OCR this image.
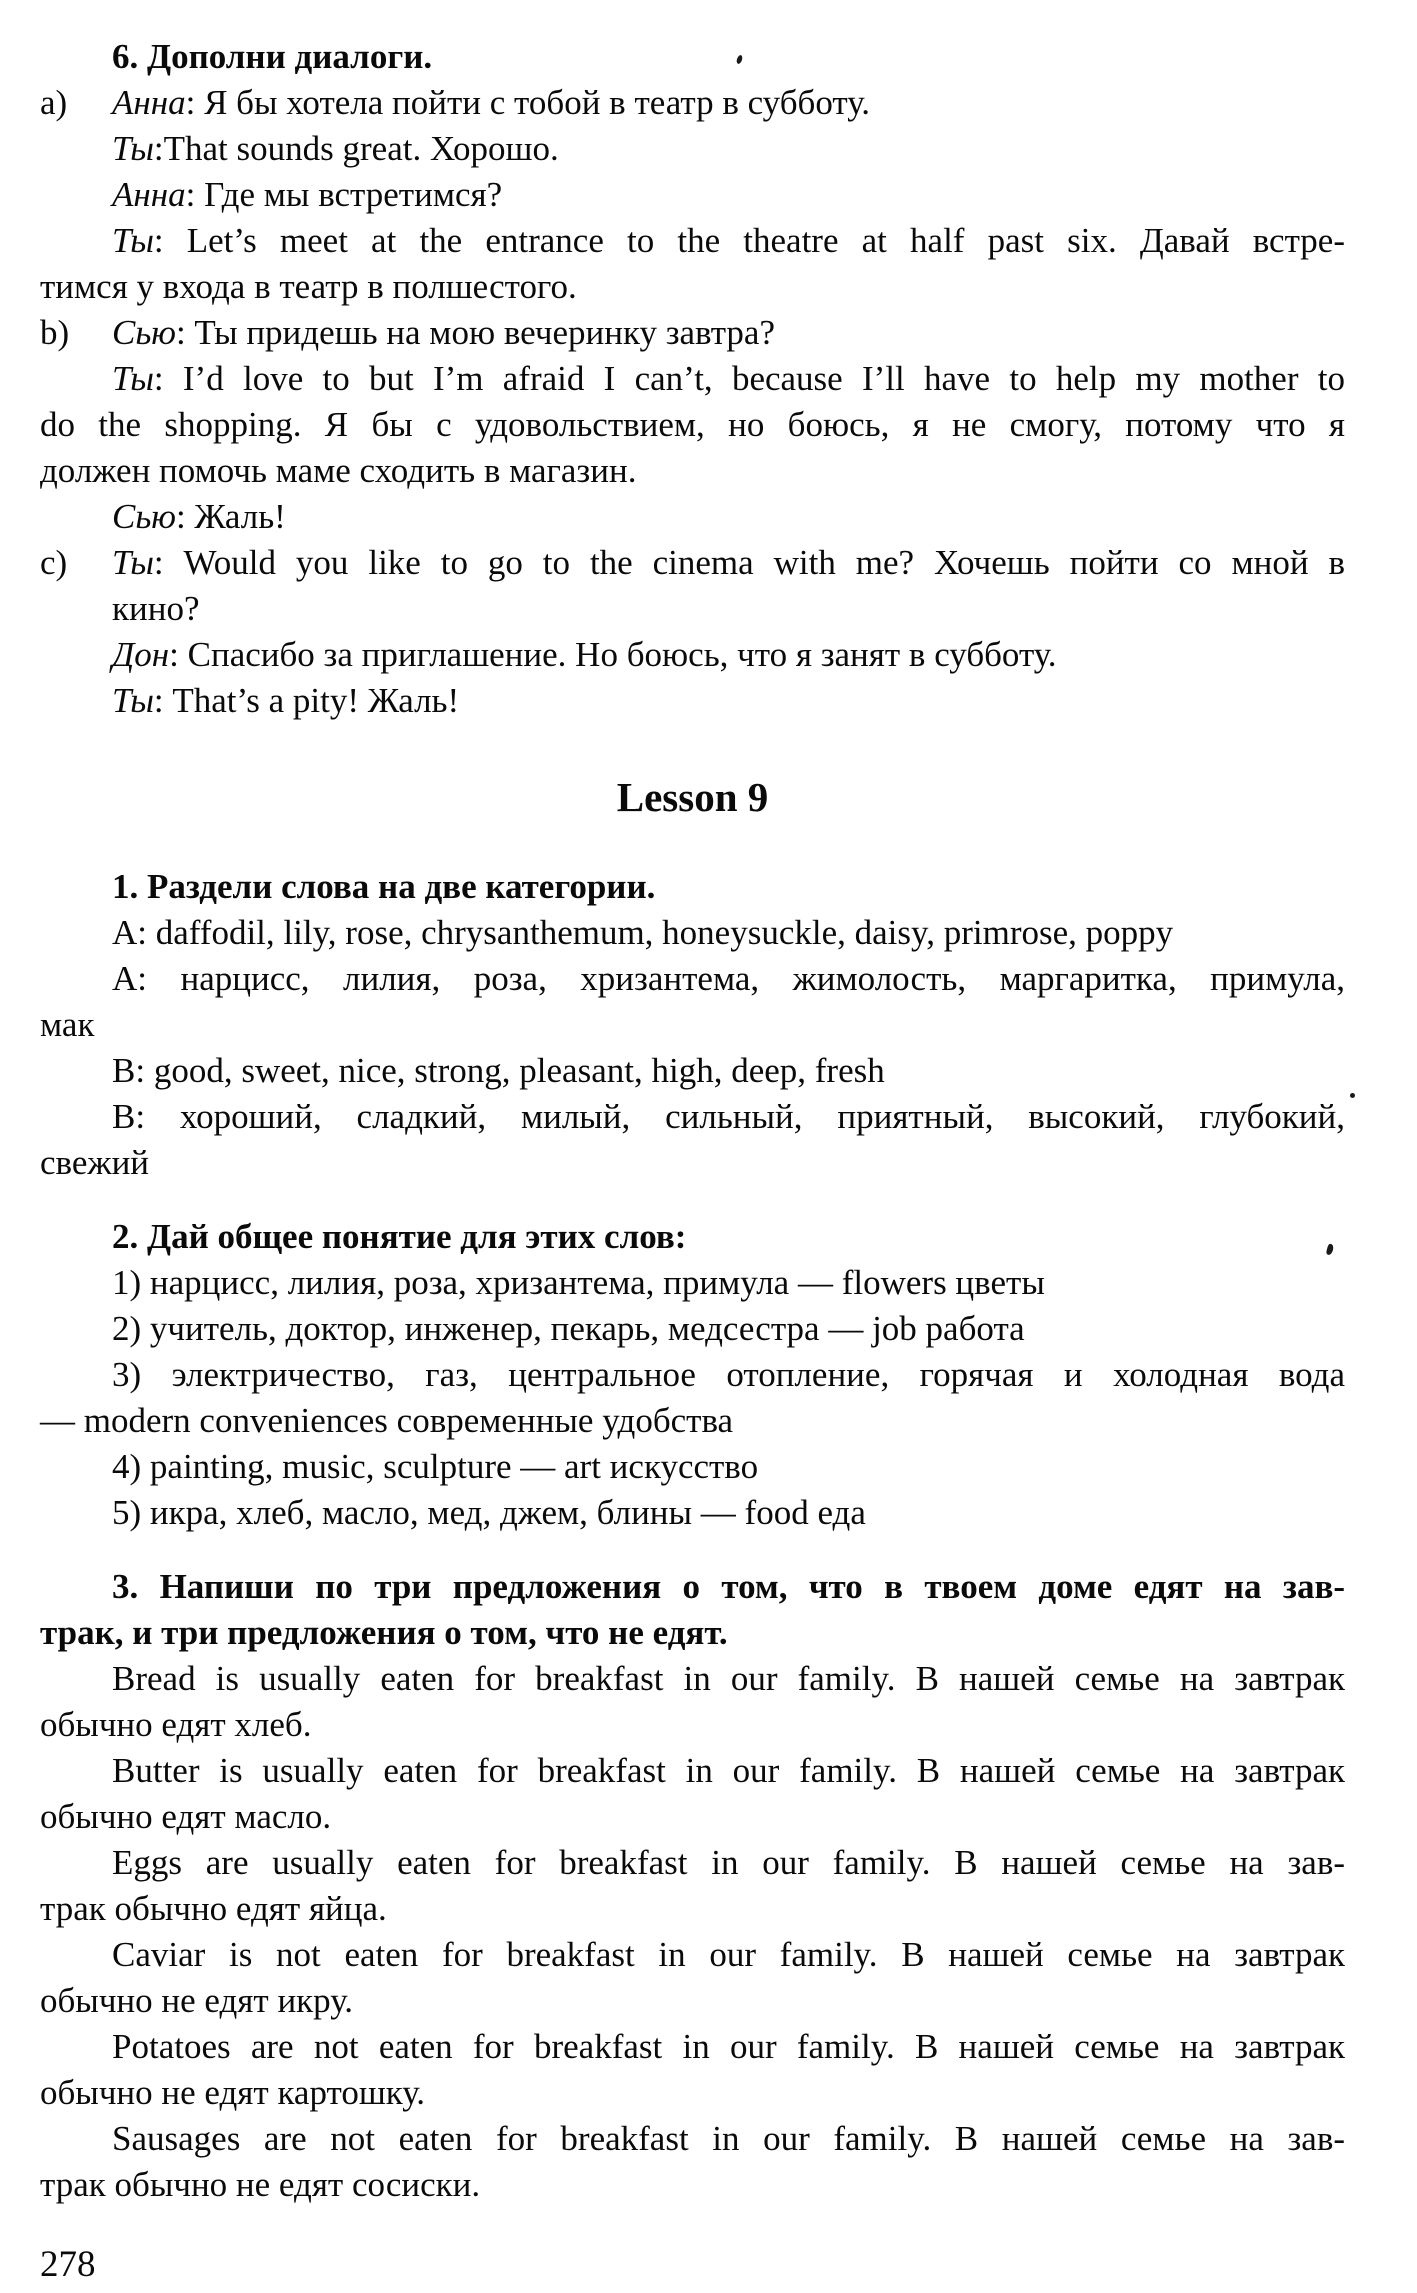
6. Дополни диалоги.
a) Анна: Я бы хотела пойти с тобой в театр в субботу.
Ты:That sounds great. Хорошо.
Анна: Где мы встретимся?
Ты: Let’s meet at the entrance to the theatre at half past six. Давай встре-
тимся у входа в театр в полшестого.
b) Сью: Ты придешь на мою вечеринку завтра?
Ты: I’d love to but I’m afraid I can’t, because I’ll have to help my mother to
do the shopping. Я бы с удовольствием, но боюсь, я не смогу, потому что я
должен помочь маме сходить в магазин.
Сью: Жаль!
c) Ты: Would you like to go to the cinema with me? Хочешь пойти со мной в
кино?
Дон: Спасибо за приглашение. Но боюсь, что я занят в субботу.
Ты: That’s a pity! Жаль!
Lesson 9
1. Раздели слова на две категории.
A: daffodil, lily, rose, chrysanthemum, honeysuckle, daisy, primrose, poppy
A: нарцисс, лилия, роза, хризантема, жимолость, маргаритка, примула,
мак
B: good, sweet, nice, strong, pleasant, high, deep, fresh
B: хороший, сладкий, милый, сильный, приятный, высокий, глубокий,
свежий
2. Дай общее понятие для этих слов:
1) нарцисс, лилия, роза, хризантема, примула — flowers цветы
2) учитель, доктор, инженер, пекарь, медсестра — job работа
3) электричество, газ, центральное отопление, горячая и холодная вода
— modern conveniences современные удобства
4) painting, music, sculpture — art искусство
5) икра, хлеб, масло, мед, джем, блины — food еда
3. Напиши по три предложения о том, что в твоем доме едят на зав-
трак, и три предложения о том, что не едят.
Bread is usually eaten for breakfast in our family. В нашей семье на завтрак
обычно едят хлеб.
Butter is usually eaten for breakfast in our family. В нашей семье на завтрак
обычно едят масло.
Eggs are usually eaten for breakfast in our family. В нашей семье на зав-
трак обычно едят яйца.
Caviar is not eaten for breakfast in our family. В нашей семье на завтрак
обычно не едят икру.
Potatoes are not eaten for breakfast in our family. В нашей семье на завтрак
обычно не едят картошку.
Sausages are not eaten for breakfast in our family. В нашей семье на зав-
трак обычно не едят сосиски.
278
